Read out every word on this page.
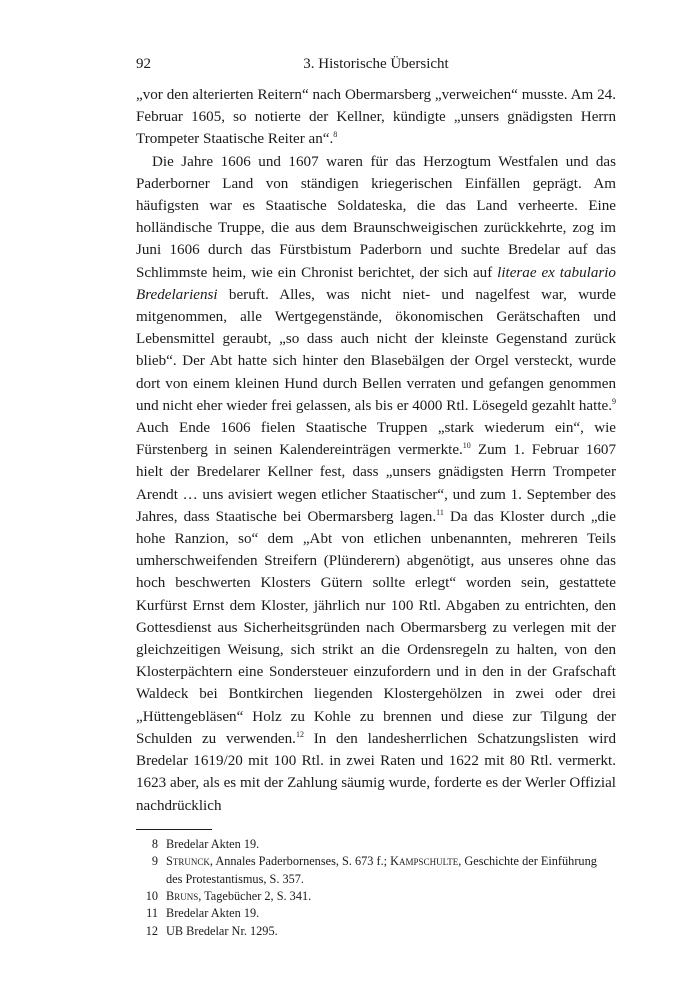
92	3. Historische Übersicht

„vor den alterierten Reitern“ nach Obermarsberg „verweichen“ musste. Am 24. Februar 1605, so notierte der Kellner, kündigte „unsers gnädigsten Herrn Trompeter Staatische Reiter an“.$^8$

Die Jahre 1606 und 1607 waren für das Herzogtum Westfalen und das Paderborner Land von ständigen kriegerischen Einfällen geprägt. Am häufigsten war es Staatische Soldateska, die das Land verheerte. Eine holländische Truppe, die aus dem Braunschweigischen zurückkehrte, zog im Juni 1606 durch das Fürstbistum Paderborn und suchte Bredelar auf das Schlimmste heim, wie ein Chronist berichtet, der sich auf literae ex tabulario Bredelariensi beruft. Alles, was nicht niet- und nagelfest war, wurde mitgenommen, alle Wertgegenstände, ökonomischen Gerätschaften und Lebensmittel geraubt, „so dass auch nicht der kleinste Gegenstand zurück blieb“. Der Abt hatte sich hinter den Blasebälgen der Orgel versteckt, wurde dort von einem kleinen Hund durch Bellen verraten und gefangen genommen und nicht eher wieder frei gelassen, als bis er 4000 Rtl. Lösegeld gezahlt hatte.$^9$ Auch Ende 1606 fielen Staatische Truppen „stark wiederum ein“, wie Fürstenberg in seinen Kalendereinträgen vermerkte.$^{10}$ Zum 1. Februar 1607 hielt der Bredelarer Kellner fest, dass „unsers gnädigsten Herrn Trompeter Arendt … uns avisiert wegen etlicher Staatischer“, und zum 1. September des Jahres, dass Staatische bei Obermarsberg lagen.$^{11}$ Da das Kloster durch „die hohe Ranzion, so“ dem „Abt von etlichen unbenannten, mehreren Teils umherschweifenden Streifern (Plünderern) abgenötigt, aus unseres ohne das hoch beschwerten Klosters Gütern sollte erlegt“ worden sein, gestattete Kurfürst Ernst dem Kloster, jährlich nur 100 Rtl. Abgaben zu entrichten, den Gottesdienst aus Sicherheitsgründen nach Obermarsberg zu verlegen mit der gleichzeitigen Weisung, sich strikt an die Ordensregeln zu halten, von den Klosterpächtern eine Sondersteuer einzufordern und in den in der Grafschaft Waldeck bei Bontkirchen liegenden Klostergehölzen in zwei oder drei „Hüttengebläsen“ Holz zu Kohle zu brennen und diese zur Tilgung der Schulden zu verwenden.$^{12}$ In den landesherrlichen Schatzungslisten wird Bredelar 1619/20 mit 100 Rtl. in zwei Raten und 1622 mit 80 Rtl. vermerkt. 1623 aber, als es mit der Zahlung säumig wurde, forderte es der Werler Offizial nachdrücklich

8 Bredelar Akten 19.
9 Strunck, Annales Paderbornenses, S. 673 f.; Kampschulte, Geschichte der Einführung des Protestantismus, S. 357.
10 Bruns, Tagebücher 2, S. 341.
11 Bredelar Akten 19.
12 UB Bredelar Nr. 1295.
